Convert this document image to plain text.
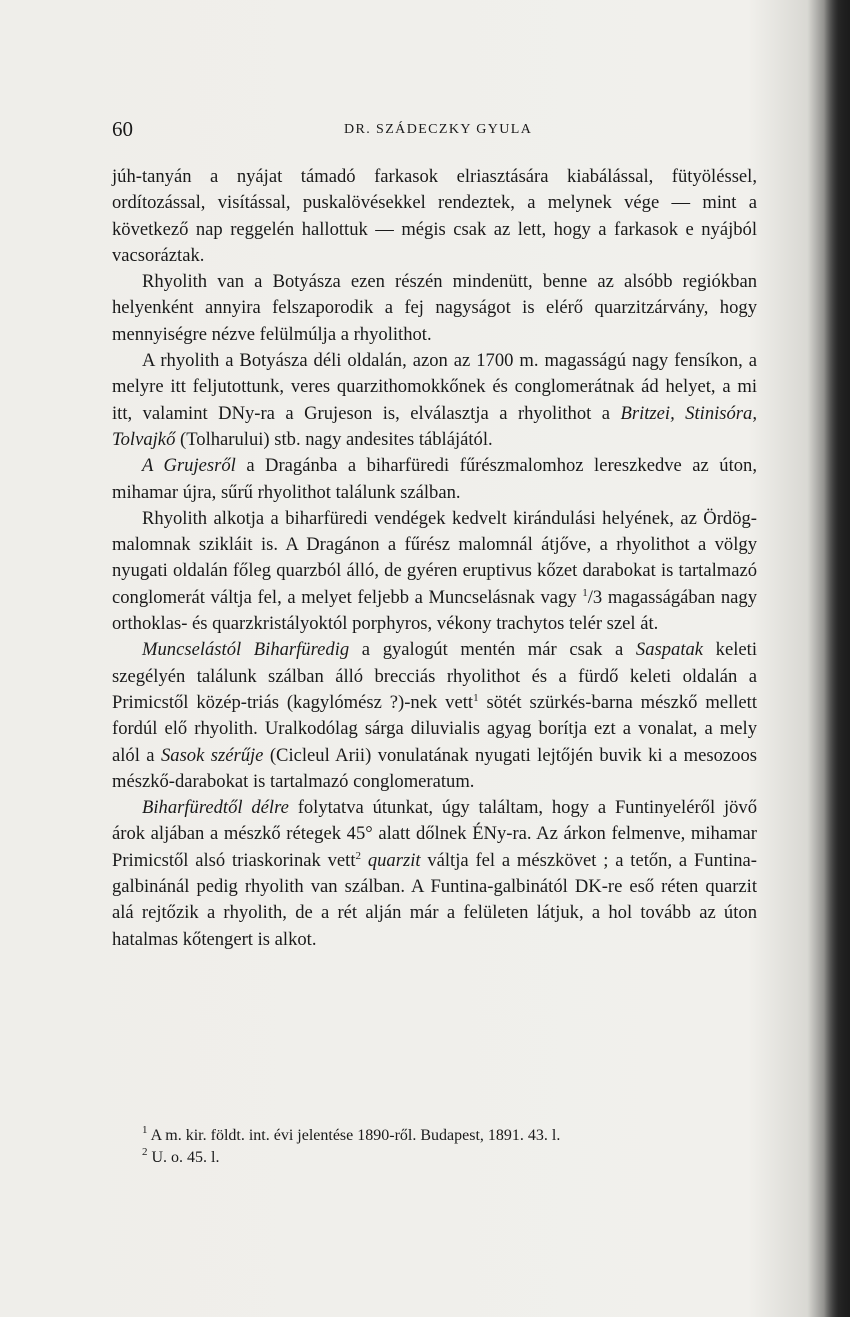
60	DR. SZÁDECZKY GYULA

júh-tanyán a nyájat támadó farkasok elriasztására kiabálással, fütyöléssel, ordítozással, visítással, puskalövésekkel rendeztek, a melynek vége — mint a következő nap reggelén hallottuk — mégis csak az lett, hogy a farkasok e nyájból vacsoráztak.

Rhyolith van a Botyásza ezen részén mindenütt, benne az alsóbb regiókban helyenként annyira felszaporodik a fej nagyságot is elérő quarzitzárvány, hogy mennyiségre nézve felülmúlja a rhyolithot.

A rhyolith a Botyásza déli oldalán, azon az 1700 m. magasságú nagy fensíkon, a melyre itt feljutottunk, veres quarzithomokkőnek és conglomerátnak ád helyet, a mi itt, valamint DNy-ra a Grujeson is, elválasztja a rhyolithot a Britzei, Stinisóra, Tolvajkő (Tolharului) stb. nagy andesites táblájától.

A Grujesről a Dragánba a biharfüredi fűrészmalomhoz lereszkedve az úton, mihamar újra, sűrű rhyolithot találunk szálban.

Rhyolith alkotja a biharfüredi vendégek kedvelt kirándulási helyének, az Ördög-malomnak szikláit is. A Dragánon a fűrész malomnál átjőve, a rhyolithot a völgy nyugati oldalán főleg quarzból álló, de gyéren eruptivus kőzet darabokat is tartalmazó conglomerát váltja fel, a melyet feljebb a Muncselásnak vagy $^1$/3 magasságában nagy orthoklas- és quarzkristályoktól porphyros, vékony trachytos telér szel át.

Muncselástól Biharfüredig a gyalogút mentén már csak a Saspatak keleti szegélyén találunk szálban álló brecciás rhyolithot és a fürdő keleti oldalán a Primicstől közép-triás (kagylómész ?)-nek vett$^1$ sötét szürkés-barna mészkő mellett fordúl elő rhyolith. Uralkodólag sárga diluvialis agyag borítja ezt a vonalat, a mely alól a Sasok szérűje (Cicleul Arii) vonulatának nyugati lejtőjén buvik ki a mesozoos mészkő-darabokat is tartalmazó conglomeratum.

Biharfüredtől délre folytatva útunkat, úgy találtam, hogy a Funtinyeléről jövő árok aljában a mészkő rétegek 45° alatt dőlnek ÉNy-ra. Az árkon felmenve, mihamar Primicstől alsó triaskorinak vett$^2$ quarzit váltja fel a mészkövet ; a tetőn, a Funtina-galbinánál pedig rhyolith van szálban. A Funtina-galbinától DK-re eső réten quarzit alá rejtőzik a rhyolith, de a rét alján már a felületen látjuk, a hol tovább az úton hatalmas kőtengert is alkot.

$^1$ A m. kir. földt. int. évi jelentése 1890-ről. Budapest, 1891. 43. l.
$^2$ U. o. 45. l.
